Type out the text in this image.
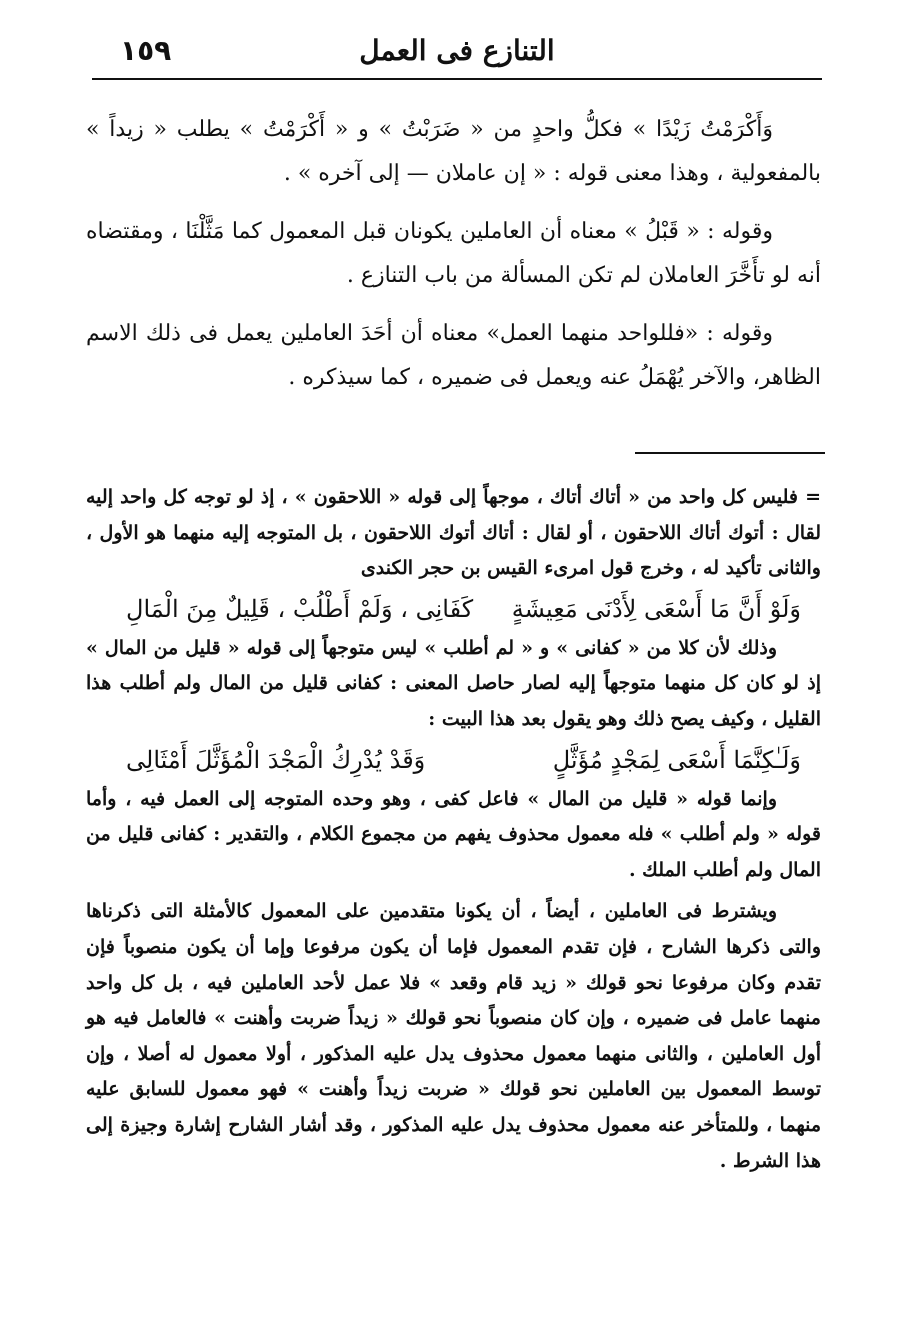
١٥٩	التنازع فى العمل

وَأَكْرَمْتُ زَيْدًا » فكلُّ واحدٍ من « ضَرَبْتُ » و « أَكْرَمْتُ » يطلب « زيداً » بالمفعولية ، وهذا معنى قوله : « إن عاملان — إلى آخره » .

وقوله : « قَبْلُ » معناه أن العاملين يكونان قبل المعمول كما مَثَّلْنَا ، ومقتضاه أنه لو تأَخَّرَ العاملان لم تكن المسألة من باب التنازع .

وقوله : «فللواحد منهما العمل» معناه أن أحَدَ العاملين يعمل فى ذلك الاسم الظاهر، والآخر يُهْمَلُ عنه ويعمل فى ضميره ، كما سيذكره .

= فليس كل واحد من « أتاك أتاك ، موجهاً إلى قوله « اللاحقون » ، إذ لو توجه كل واحد إليه لقال : أتوك أتاك اللاحقون ، أو لقال : أتاك أتوك اللاحقون ، بل المتوجه إليه منهما هو الأول ، والثانى تأكيد له ، وخرج قول امرىء القيس بن حجر الكندى

وَلَوْ أَنَّ مَا أَسْعَى لِأَدْنَى مَعِيشَةٍ
كَفَانِى ، وَلَمْ أَطْلُبْ ، قَلِيلٌ مِنَ الْمَالِ

وذلك لأن كلا من « كفانى » و « لم أطلب » ليس متوجهاً إلى قوله « قليل من المال » إذ لو كان كل منهما متوجهاً إليه لصار حاصل المعنى : كفانى قليل من المال ولم أطلب هذا القليل ، وكيف يصح ذلك وهو يقول بعد هذا البيت :

وَلَـٰكِنَّمَا أَسْعَى لِمَجْدٍ مُؤَثَّلٍ
وَقَدْ يُدْرِكُ الْمَجْدَ الْمُؤَثَّلَ أَمْثَالِى

وإنما قوله « قليل من المال » فاعل كفى ، وهو وحده المتوجه إلى العمل فيه ، وأما قوله « ولم أطلب » فله معمول محذوف يفهم من مجموع الكلام ، والتقدير : كفانى قليل من المال ولم أطلب الملك .

ويشترط فى العاملين ، أيضاً ، أن يكونا متقدمين على المعمول كالأمثلة التى ذكرناها والتى ذكرها الشارح ، فإن تقدم المعمول فإما أن يكون مرفوعا وإما أن يكون منصوباً فإن تقدم وكان مرفوعا نحو قولك « زيد قام وقعد » فلا عمل لأحد العاملين فيه ، بل كل واحد منهما عامل فى ضميره ، وإن كان منصوباً نحو قولك « زيداً ضربت وأهنت » فالعامل فيه هو أول العاملين ، والثانى منهما معمول محذوف يدل عليه المذكور ، أولا معمول له أصلا ، وإن توسط المعمول بين العاملين نحو قولك « ضربت زيداً وأهنت » فهو معمول للسابق عليه منهما ، وللمتأخر عنه معمول محذوف يدل عليه المذكور ، وقد أشار الشارح إشارة وجيزة إلى هذا الشرط .
